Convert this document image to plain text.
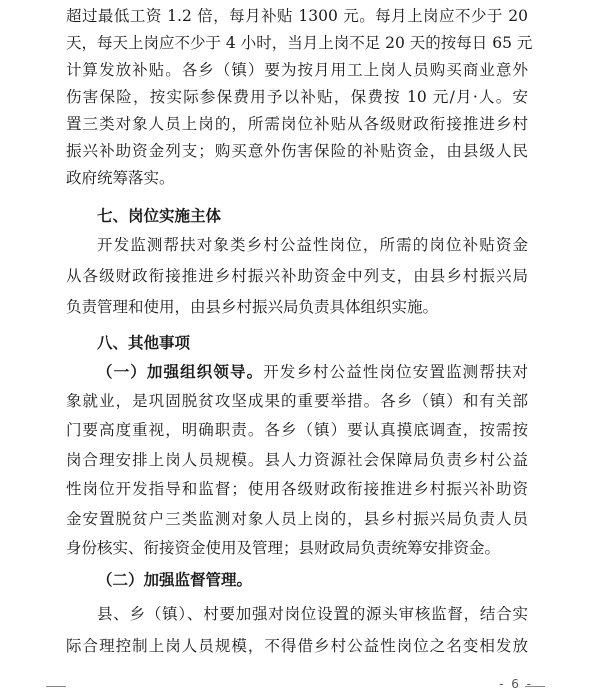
超过最低工资 1.2 倍，每月补贴 1300 元。每月上岗应不少于 20
天，每天上岗应不少于 4 小时，当月上岗不足 20 天的按每日 65 元
计算发放补贴。各乡（镇）要为按月用工上岗人员购买商业意外
伤害保险，按实际参保费用予以补贴，保费按 10 元/月·人。安
置三类对象人员上岗的，所需岗位补贴从各级财政衔接推进乡村
振兴补助资金列支；购买意外伤害保险的补贴资金，由县级人民
政府统筹落实。
七、岗位实施主体
开发监测帮扶对象类乡村公益性岗位，所需的岗位补贴资金
从各级财政衔接推进乡村振兴补助资金中列支，由县乡村振兴局
负责管理和使用，由县乡村振兴局负责具体组织实施。
八、其他事项
（一）加强组织领导。开发乡村公益性岗位安置监测帮扶对
象就业，是巩固脱贫攻坚成果的重要举措。各乡（镇）和有关部
门要高度重视，明确职责。各乡（镇）要认真摸底调查，按需按
岗合理安排上岗人员规模。县人力资源社会保障局负责乡村公益
性岗位开发指导和监督；使用各级财政衔接推进乡村振兴补助资
金安置脱贫户三类监测对象人员上岗的，县乡村振兴局负责人员
身份核实、衔接资金使用及管理；县财政局负责统筹安排资金。
（二）加强监督管理。
县、乡（镇）、村要加强对岗位设置的源头审核监督，结合实
际合理控制上岗人员规模，不得借乡村公益性岗位之名变相发放
- 6 -
